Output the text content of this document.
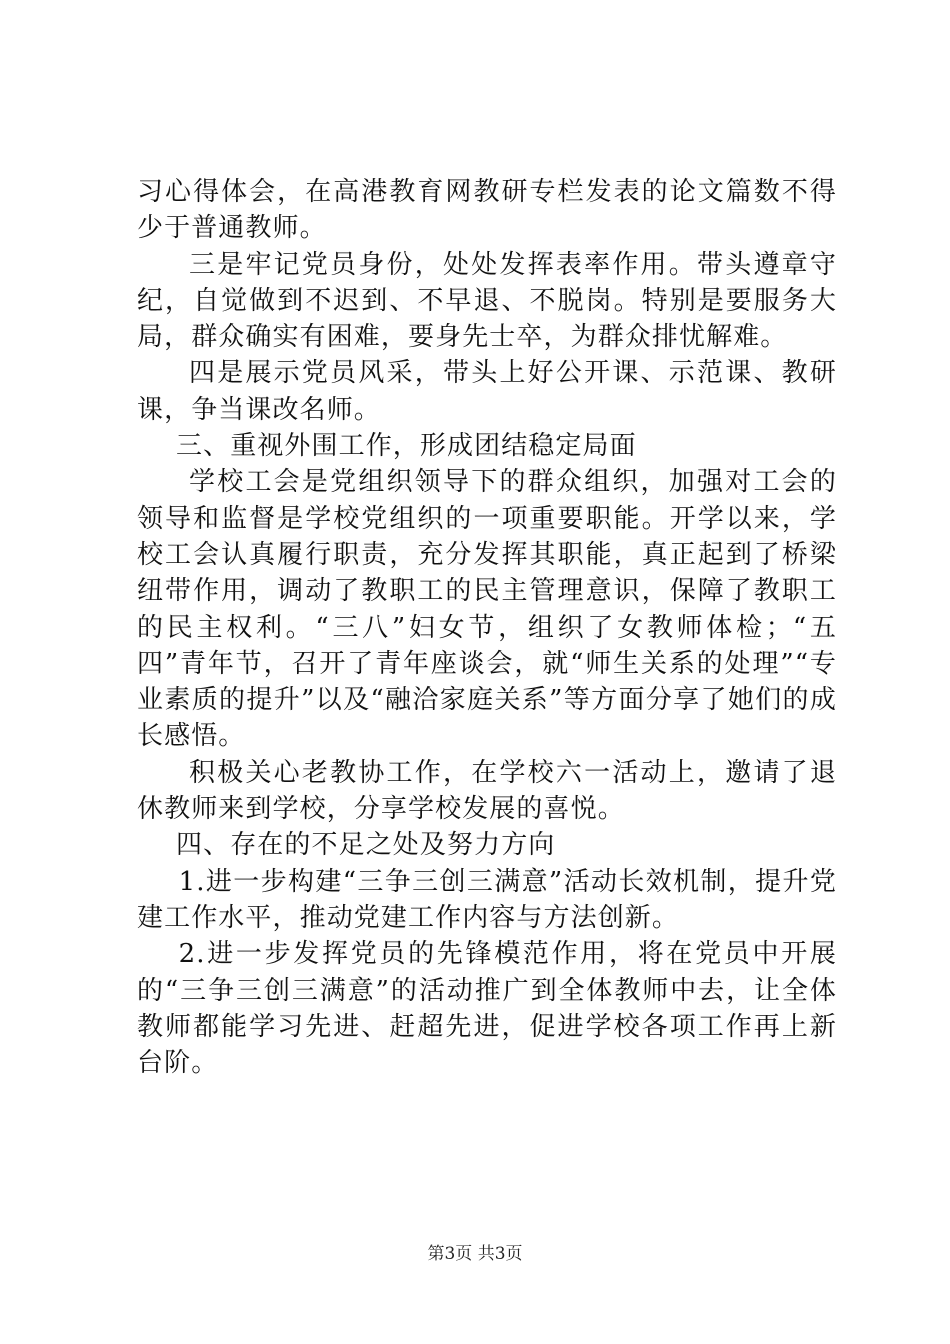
习心得体会，在高港教育网教研专栏发表的论文篇数不得少于普通教师。

三是牢记党员身份，处处发挥表率作用。带头遵章守纪，自觉做到不迟到、不早退、不脱岗。特别是要服务大局，群众确实有困难，要身先士卒，为群众排忧解难。

四是展示党员风采，带头上好公开课、示范课、教研课，争当课改名师。

三、重视外围工作，形成团结稳定局面

学校工会是党组织领导下的群众组织，加强对工会的领导和监督是学校党组织的一项重要职能。开学以来，学校工会认真履行职责，充分发挥其职能，真正起到了桥梁纽带作用，调动了教职工的民主管理意识，保障了教职工的民主权利。“三八”妇女节，组织了女教师体检；“五四”青年节，召开了青年座谈会，就“师生关系的处理”“专业素质的提升”以及“融洽家庭关系”等方面分享了她们的成长感悟。

积极关心老教协工作，在学校六一活动上，邀请了退休教师来到学校，分享学校发展的喜悦。

四、存在的不足之处及努力方向

1.进一步构建“三争三创三满意”活动长效机制，提升党建工作水平，推动党建工作内容与方法创新。

2.进一步发挥党员的先锋模范作用，将在党员中开展的“三争三创三满意”的活动推广到全体教师中去，让全体教师都能学习先进、赶超先进，促进学校各项工作再上新台阶。

第3页 共3页
